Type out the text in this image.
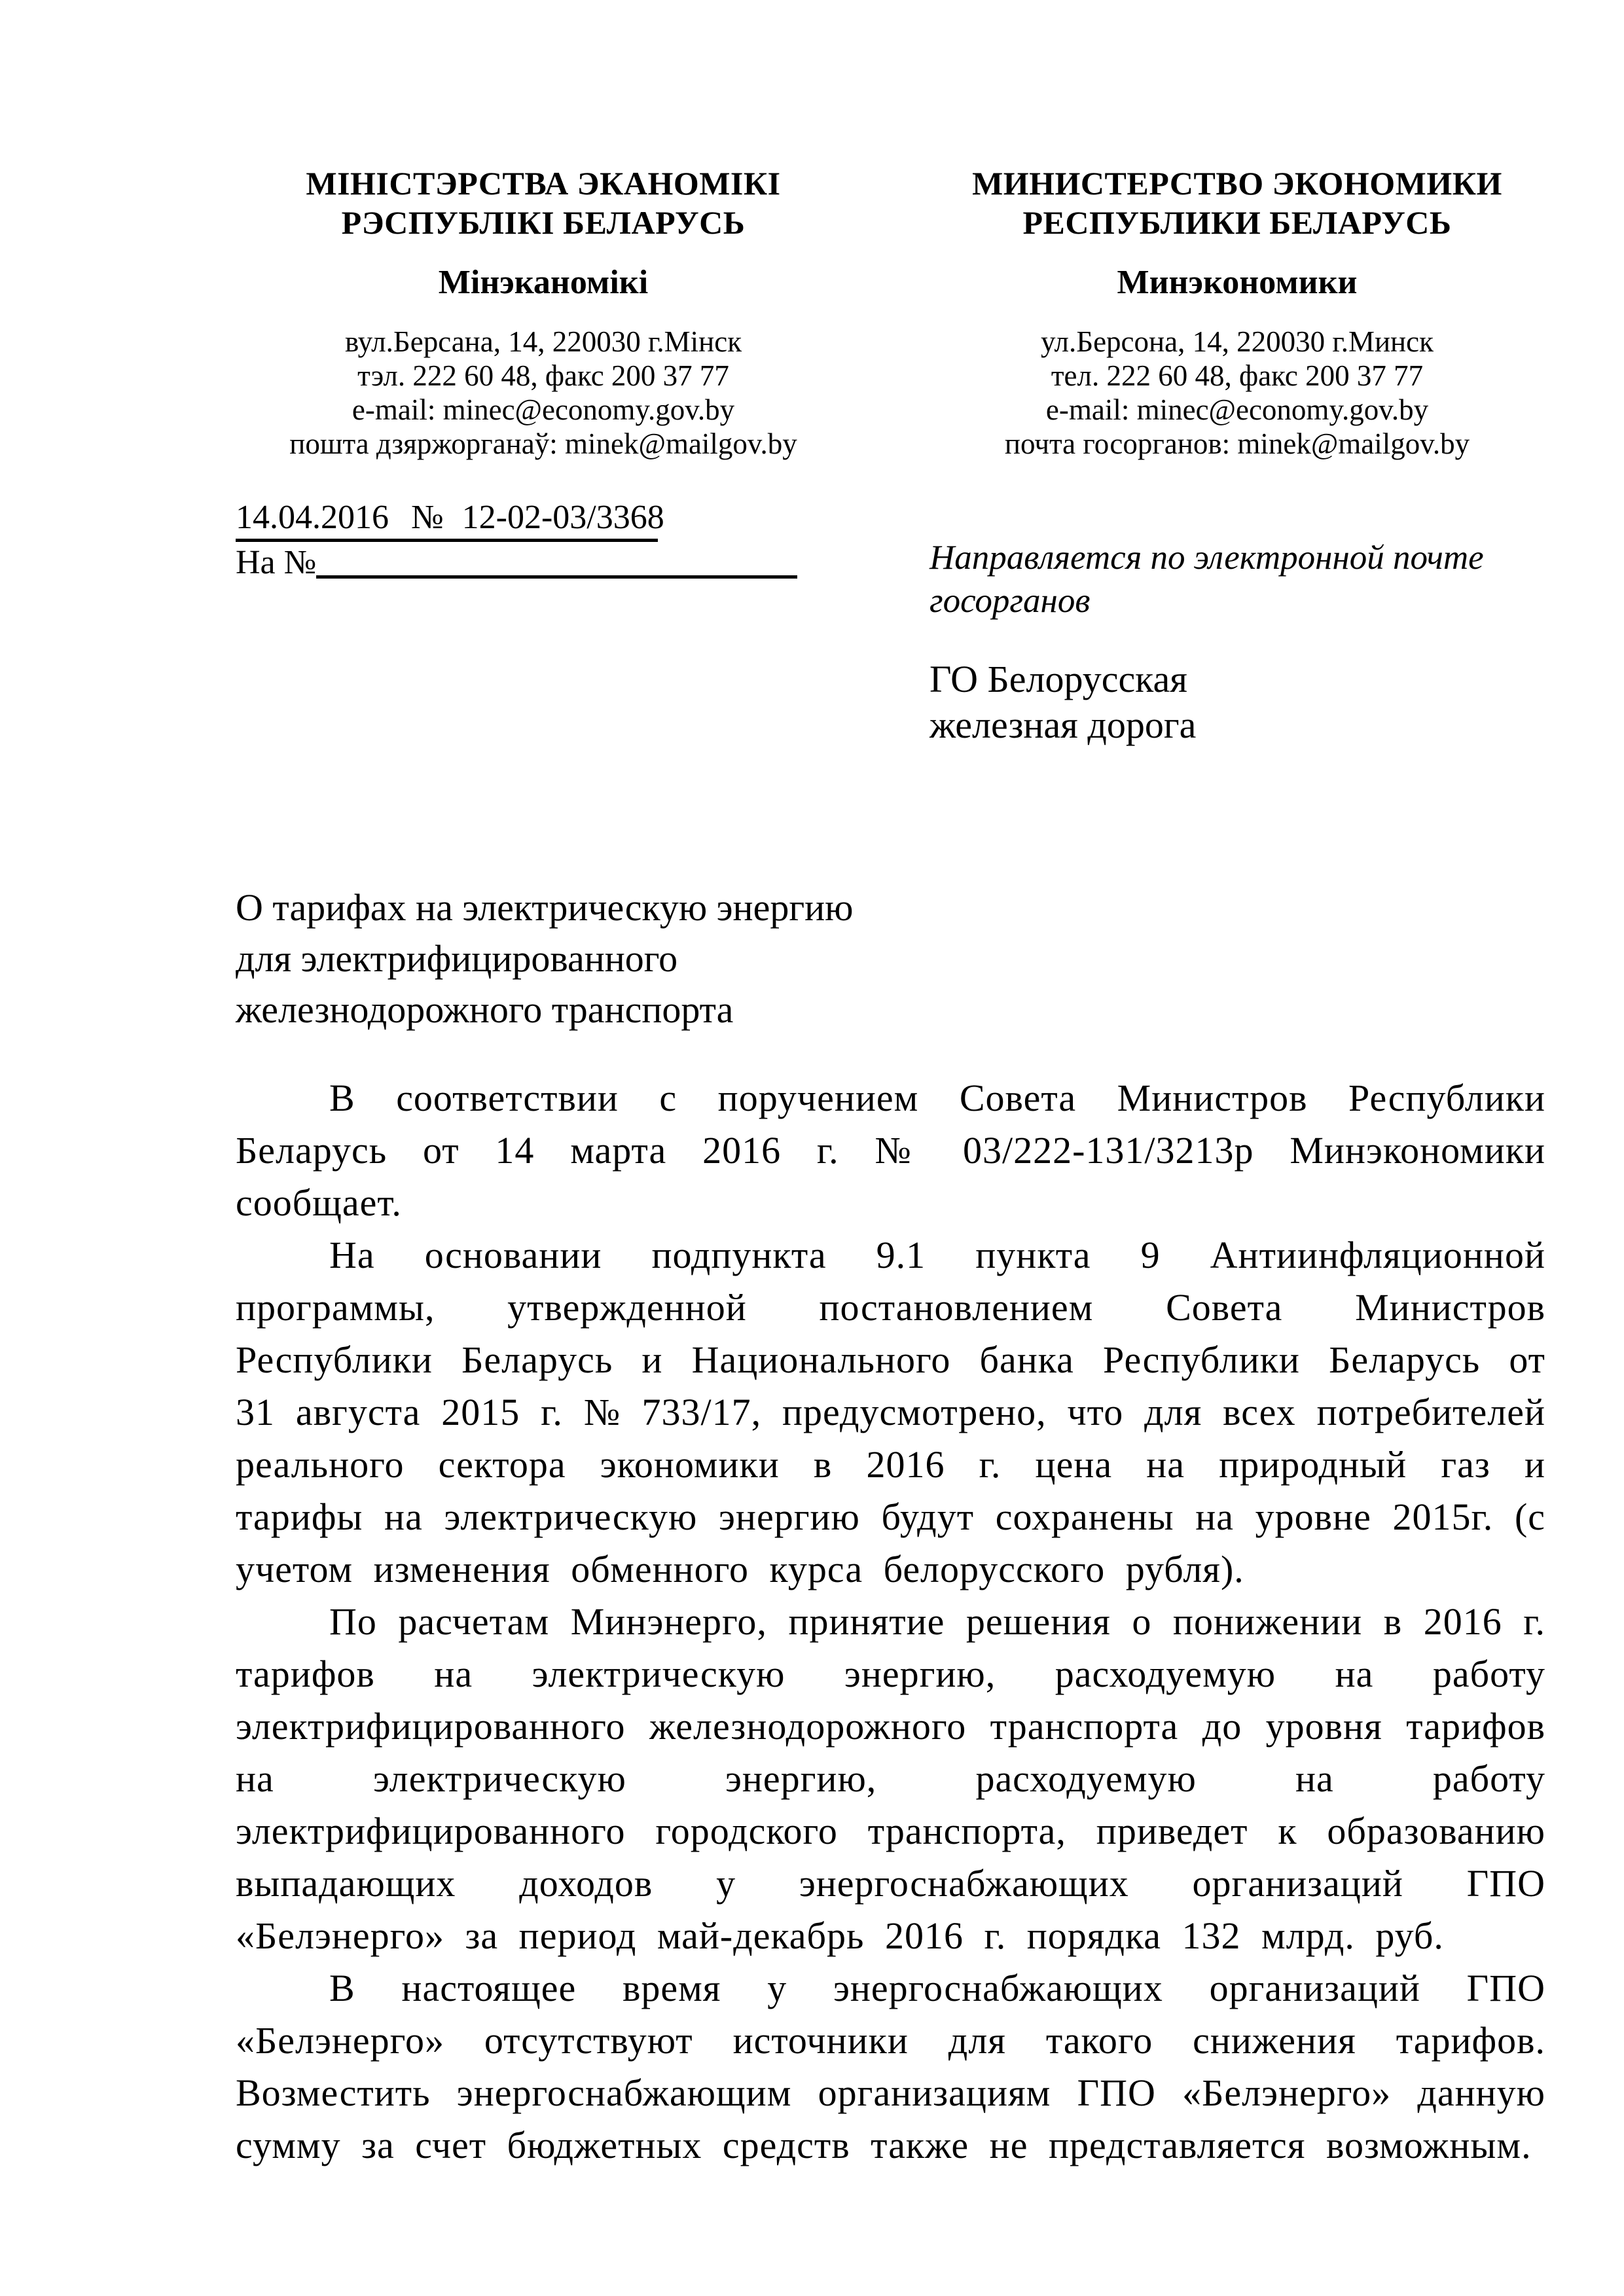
МІНІСТЭРСТВА ЭКАНОМІКІ
РЭСПУБЛІКІ БЕЛАРУСЬ
Мінэканомікі
вул.Берсана, 14, 220030 г.Мінск
тэл. 222 60 48, факс 200 37 77
e-mail: minec@economy.gov.by
пошта дзяржорганаў: minek@mailgov.by
МИНИСТЕРСТВО ЭКОНОМИКИ
РЕСПУБЛИКИ БЕЛАРУСЬ
Минэкономики
ул.Берсона, 14, 220030 г.Минск
тел. 222 60 48, факс 200 37 77
e-mail: minec@economy.gov.by
почта госорганов: minek@mailgov.by
14.04.2016 № 12-02-03/3368
На №	Направляется по электронной почте госорганов
ГО Белорусская
железная дорога
О тарифах на электрическую энергию
для электрифицированного
железнодорожного транспорта

В соответствии с поручением Совета Министров Республики Беларусь от 14 марта 2016 г. № 03/222-131/3213р Минэкономики сообщает.

На основании подпункта 9.1 пункта 9 Антиинфляционной программы, утвержденной постановлением Совета Министров Республики Беларусь и Национального банка Республики Беларусь от 31 августа 2015 г. № 733/17, предусмотрено, что для всех потребителей реального сектора экономики в 2016 г. цена на природный газ и тарифы на электрическую энергию будут сохранены на уровне 2015г. (с учетом изменения обменного курса белорусского рубля).

По расчетам Минэнерго, принятие решения о понижении в 2016 г. тарифов на электрическую энергию, расходуемую на работу электрифицированного железнодорожного транспорта до уровня тарифов на электрическую энергию, расходуемую на работу электрифицированного городского транспорта, приведет к образованию выпадающих доходов у энергоснабжающих организаций ГПО «Белэнерго» за период май-декабрь 2016 г. порядка 132 млрд. руб.

В настоящее время у энергоснабжающих организаций ГПО «Белэнерго» отсутствуют источники для такого снижения тарифов. Возместить энергоснабжающим организациям ГПО «Белэнерго» данную сумму за счет бюджетных средств также не представляется возможным.
